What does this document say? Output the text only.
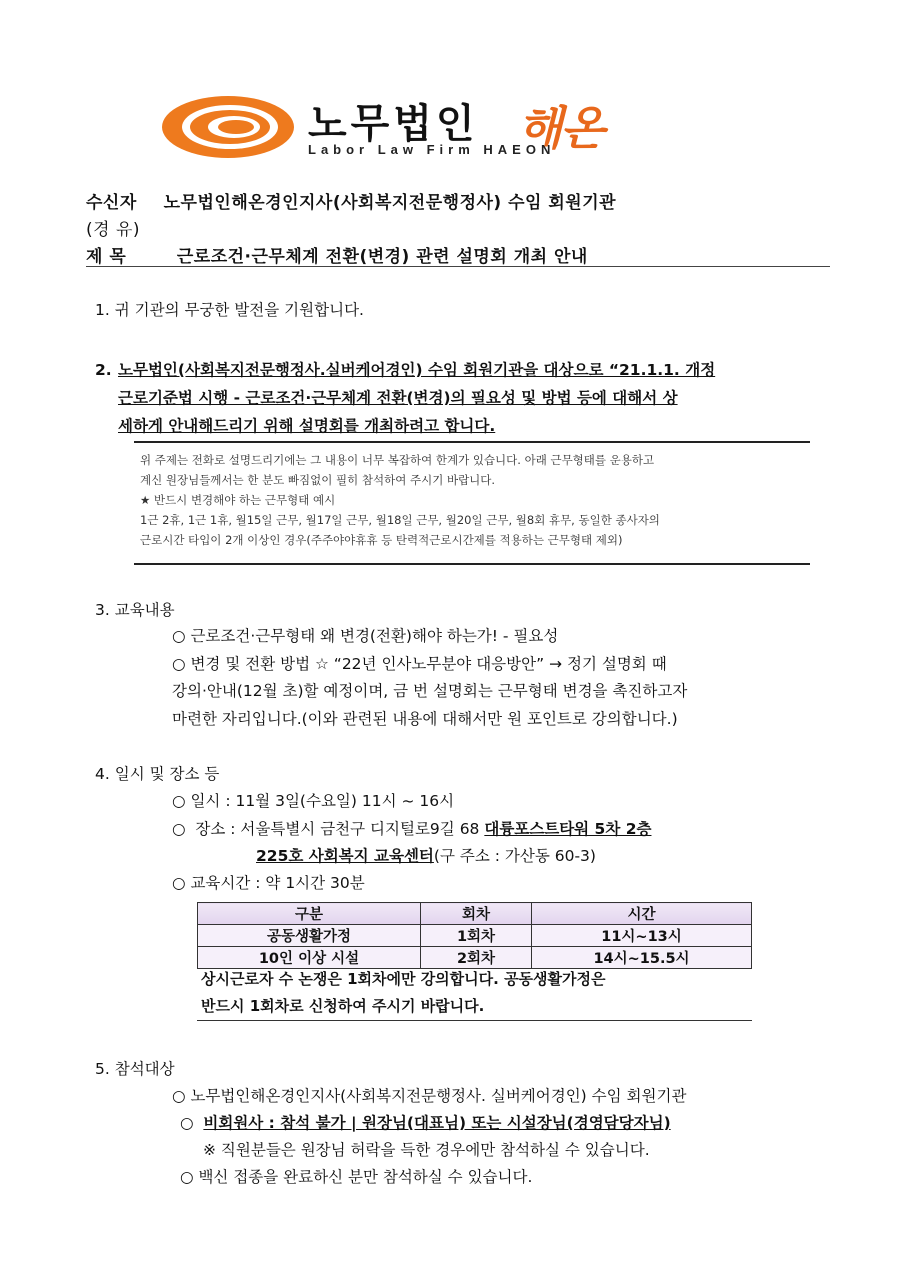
노무법인 해온
Labor Law Firm HAEON
수신자 노무법인해온경인지사(사회복지전문행정사) 수임 회원기관
(경 유)
제 목	근로조건·근무체계 전환(변경) 관련 설명회 개최 안내
1. 귀 기관의 무궁한 발전을 기원합니다.
2. 노무법인(사회복지전문행정사.실버케어경인) 수임 회원기관을 대상으로 “21.1.1. 개정
근로기준법 시행 - 근로조건·근무체계 전환(변경)의 필요성 및 방법 등에 대해서 상
세하게 안내해드리기 위해 설명회를 개최하려고 합니다.
위 주제는 전화로 설명드리기에는 그 내용이 너무 복잡하여 한계가 있습니다. 아래 근무형태를 운용하고
계신 원장님들께서는 한 분도 빠짐없이 필히 참석하여 주시기 바랍니다.
★ 반드시 변경해야 하는 근무형태 예시
1근 2휴, 1근 1휴, 월15일 근무, 월17일 근무, 월18일 근무, 월20일 근무, 월8회 휴무, 동일한 종사자의
근로시간 타입이 2개 이상인 경우(주주야야휴휴 등 탄력적근로시간제를 적용하는 근무형태 제외)
3. 교육내용
○ 근로조건·근무형태 왜 변경(전환)해야 하는가! - 필요성
○ 변경 및 전환 방법 ☆ “22년 인사노무분야 대응방안” → 정기 설명회 때
강의·안내(12월 초)할 예정이며, 금 번 설명회는 근무형태 변경을 촉진하고자
마련한 자리입니다.(이와 관련된 내용에 대해서만 원 포인트로 강의합니다.)
4. 일시 및 장소 등
○ 일시 : 11월 3일(수요일) 11시 ~ 16시
○  장소 : 서울특별시 금천구 디지털로9길 68 대륭포스트타워 5차 2층
225호 사회복지 교육센터(구 주소 : 가산동 60-3)
○ 교육시간 : 약 1시간 30분
구분	회차	시간
공동생활가정	1회차	11시~13시
10인 이상 시설	2회차	14시~15.5시
상시근로자 수 논쟁은 1회차에만 강의합니다. 공동생활가정은
반드시 1회차로 신청하여 주시기 바랍니다.
5. 참석대상
○ 노무법인해온경인지사(사회복지전문행정사. 실버케어경인) 수임 회원기관
○  비회원사 : 참석 불가 | 원장님(대표님) 또는 시설장님(경영담당자님)
※ 직원분들은 원장님 허락을 득한 경우에만 참석하실 수 있습니다.
○ 백신 접종을 완료하신 분만 참석하실 수 있습니다.
